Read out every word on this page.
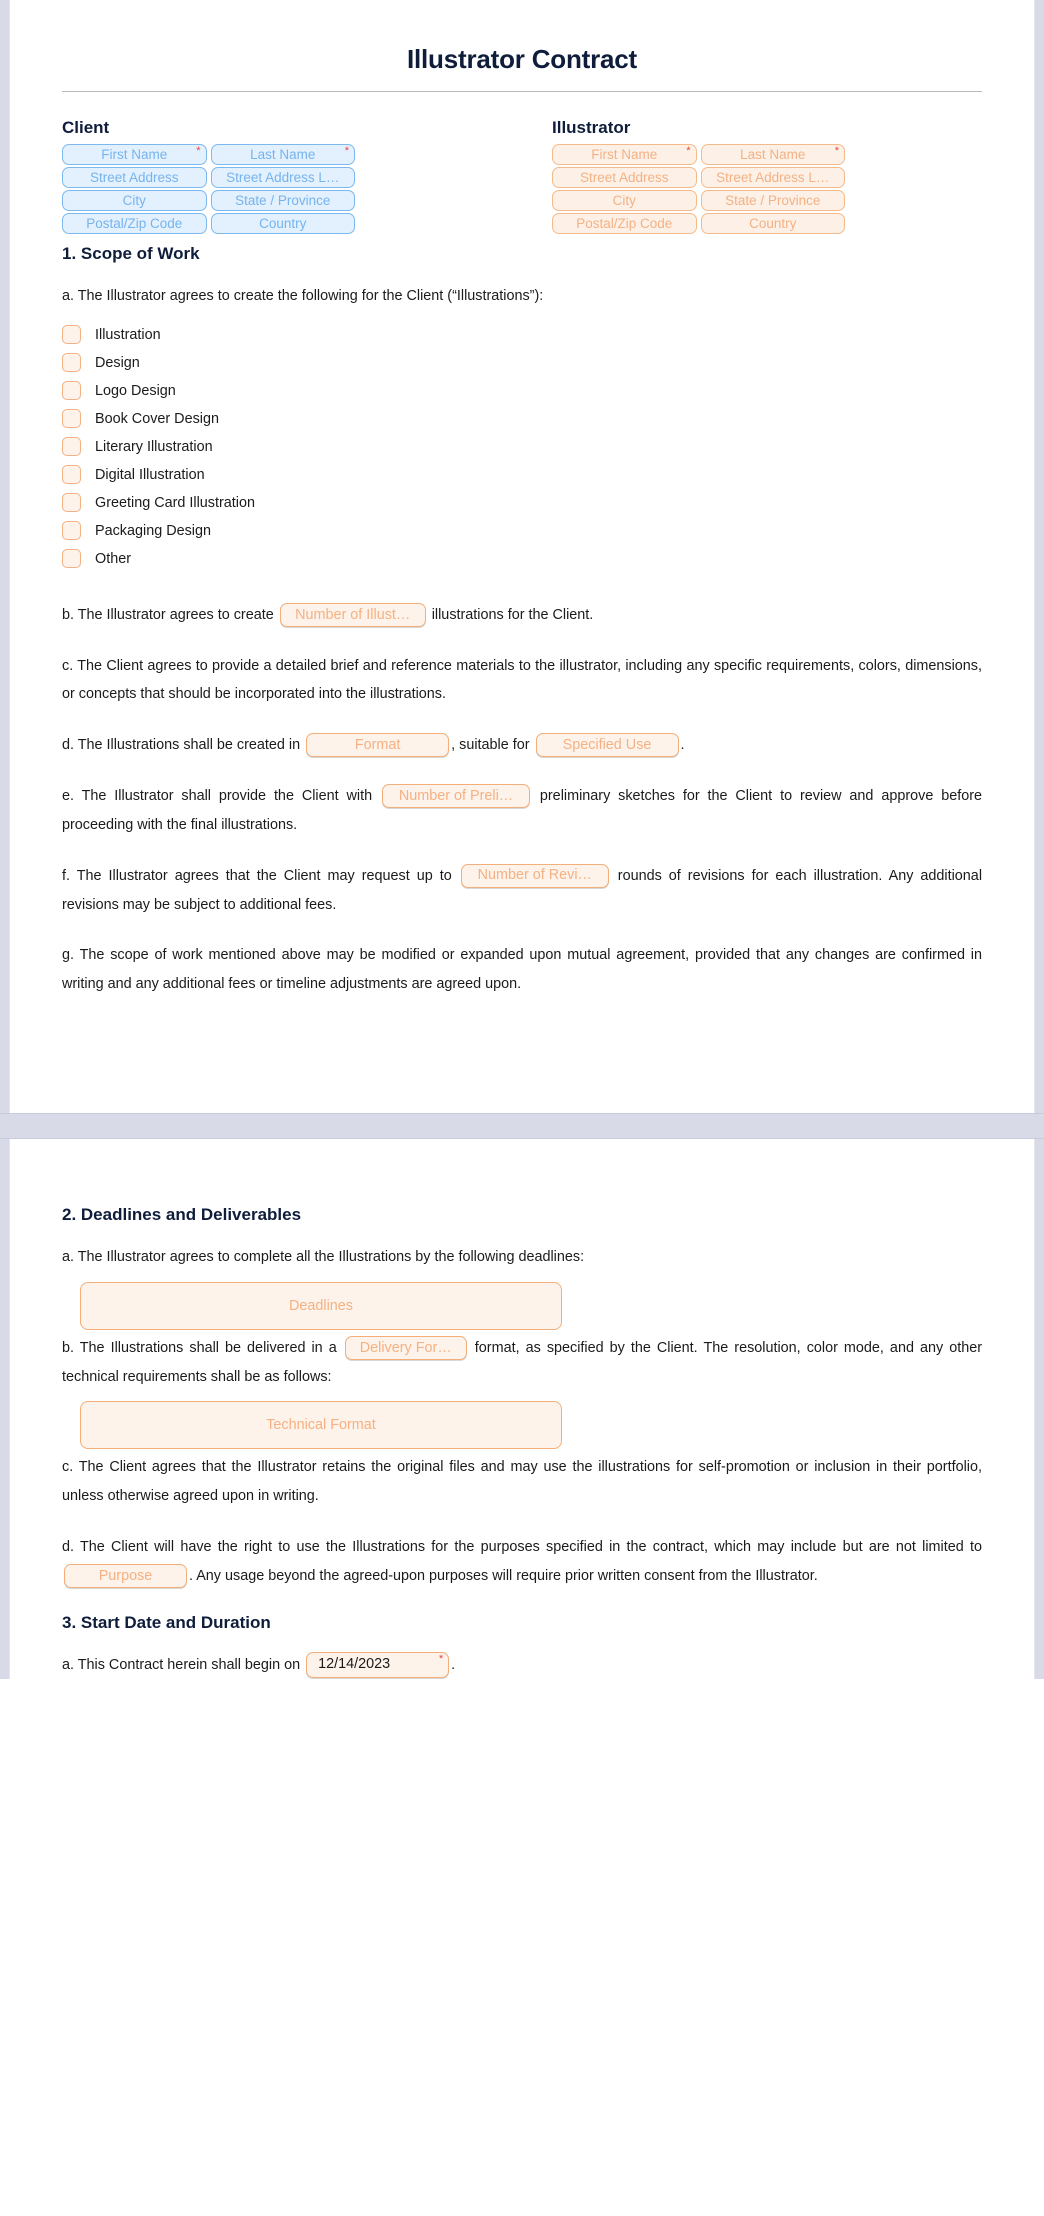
Illustrator Contract
Client
First Name	*	Last Name	*
Street Address	Street Address L…
City	State / Province
Postal/Zip Code	Country
Illustrator
First Name	*	Last Name	*
Street Address	Street Address L…
City	State / Province
Postal/Zip Code	Country
1. Scope of Work

a. The Illustrator agrees to create the following for the Client (“Illustrations”):

Illustration
Design
Logo Design
Book Cover Design
Literary Illustration
Digital Illustration
Greeting Card Illustration
Packaging Design
Other

b. The Illustrator agrees to create Number of Illust… illustrations for the Client.

c. The Client agrees to provide a detailed brief and reference materials to the illustrator, including any specific requirements, colors, dimensions, or concepts that should be incorporated into the illustrations.

d. The Illustrations shall be created in	Format	, suitable for Specified Use .

e. The Illustrator shall provide the Client with Number of Preli… preliminary sketches for the Client to review and approve before proceeding with the final illustrations.

f. The Illustrator agrees that the Client may request up to Number of Revi… rounds of revisions for each illustration. Any additional revisions may be subject to additional fees.

g. The scope of work mentioned above may be modified or expanded upon mutual agreement, provided that any changes are confirmed in writing and any additional fees or timeline adjustments are agreed upon.

2. Deadlines and Deliverables

a. The Illustrator agrees to complete all the Illustrations by the following deadlines:

Deadlines

b. The Illustrations shall be delivered in a Delivery For… format, as specified by the Client. The resolution, color mode, and any other technical requirements shall be as follows:

Technical Format

c. The Client agrees that the Illustrator retains the original files and may use the illustrations for self-promotion or inclusion in their portfolio, unless otherwise agreed upon in writing.

d. The Client will have the right to use the Illustrations for the purposes specified in the contract, which may include but are not limited to
Purpose	. Any usage beyond the agreed-upon purposes will require prior written consent from the Illustrator.

3. Start Date and Duration

a. This Contract herein shall begin on 12/14/2023	* .
